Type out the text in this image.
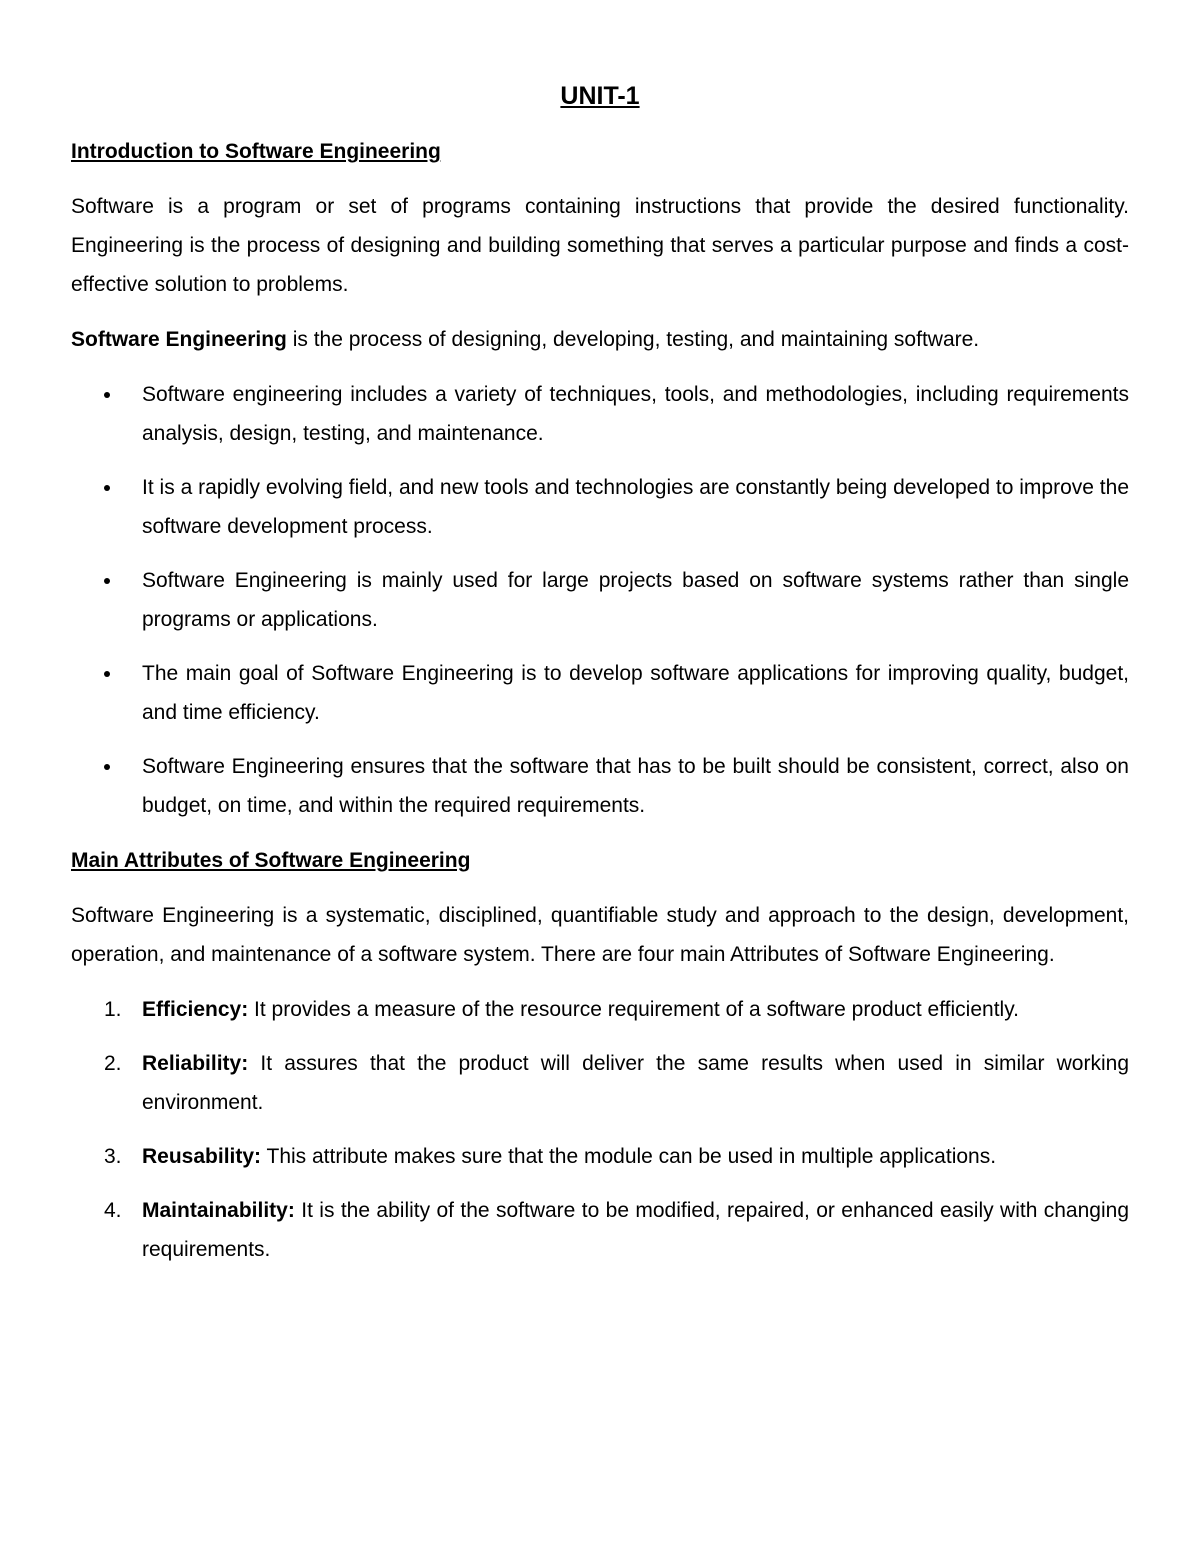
UNIT-1
Introduction to Software Engineering

Software is a program or set of programs containing instructions that provide the desired functionality. Engineering is the process of designing and building something that serves a particular purpose and finds a cost-effective solution to problems.

Software Engineering is the process of designing, developing, testing, and maintaining software.

Software engineering includes a variety of techniques, tools, and methodologies, including requirements analysis, design, testing, and maintenance.
It is a rapidly evolving field, and new tools and technologies are constantly being developed to improve the software development process.
Software Engineering is mainly used for large projects based on software systems rather than single programs or applications.
The main goal of Software Engineering is to develop software applications for improving quality, budget, and time efficiency.
Software Engineering ensures that the software that has to be built should be consistent, correct, also on budget, on time, and within the required requirements.
Main Attributes of Software Engineering

Software Engineering is a systematic, disciplined, quantifiable study and approach to the design, development, operation, and maintenance of a software system. There are four main Attributes of Software Engineering.

1. Efficiency: It provides a measure of the resource requirement of a software product efficiently.
2. Reliability: It assures that the product will deliver the same results when used in similar working environment.
3. Reusability: This attribute makes sure that the module can be used in multiple applications.
4. Maintainability: It is the ability of the software to be modified, repaired, or enhanced easily with changing requirements.
